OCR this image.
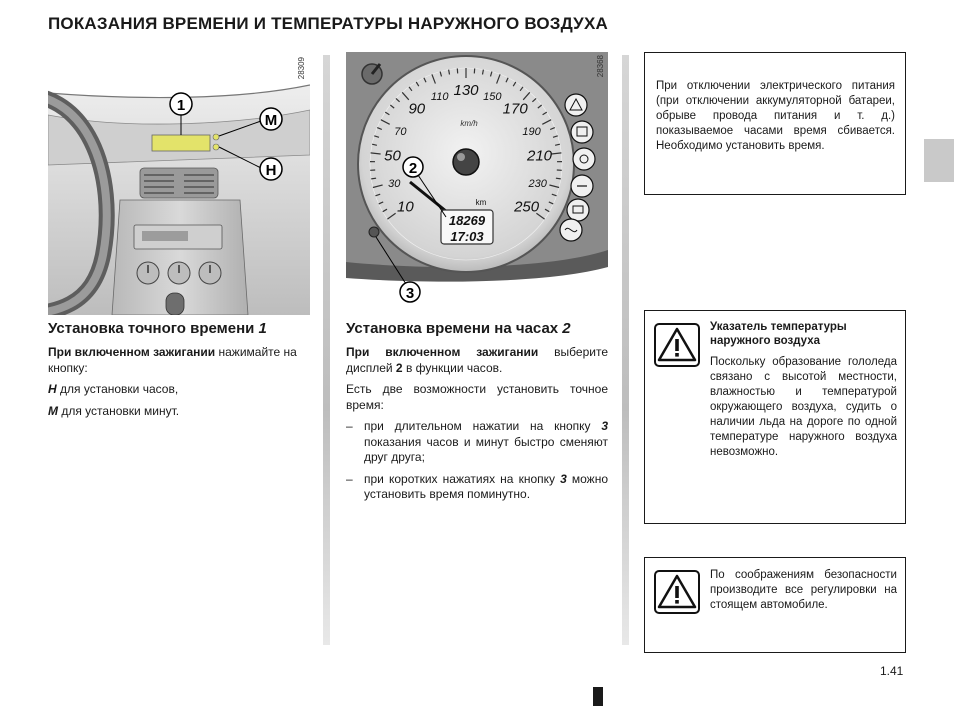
ПОКАЗАНИЯ ВРЕМЕНИ И ТЕМПЕРАТУРЫ НАРУЖНОГО ВОЗДУХА
1
M
H
28309
10
30
50
70
90
110 130 150
170
190
210
230
250
km/h
km
18269
17:03
2
3
28368
Установка точного времени 1
При включенном зажигании нажимайте на кнопку:
H для установки часов,
M для установки минут.
Установка времени на часах 2
При включенном зажигании выберите дисплей 2 в функции часов.
Есть две возможности установить точное время:
– при длительном нажатии на кнопку 3 показания часов и минут быстро сменяют друг друга;
– при коротких нажатиях на кнопку 3 можно установить время поминутно.
При отключении электрического питания (при отключении аккумуляторной батареи, обрыве провода питания и т. д.) показываемое часами время сбивается. Необходимо установить время.
Указатель температуры наружного воздуха
Поскольку образование гололеда связано с высотой местности, влажностью и температурой окружающего воздуха, судить о наличии льда на дороге по одной температуре наружного воздуха невозможно.
По соображениям безопасности производите все регулировки на стоящем автомобиле.
1.41
